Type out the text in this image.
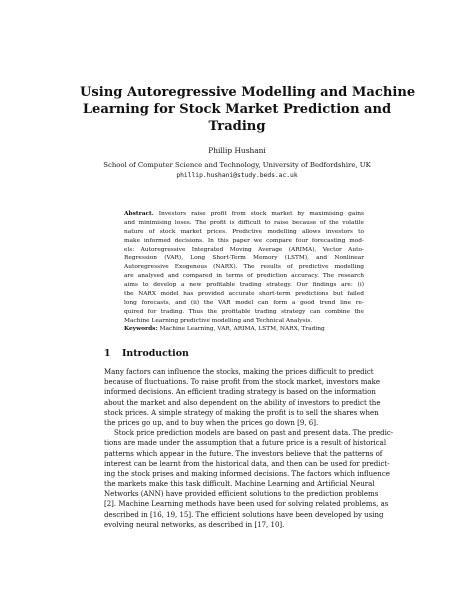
Using Autoregressive Modelling and Machine
Learning for Stock Market Prediction and
Trading
Phillip Hushani
School of Computer Science and Technology, University of Bedfordshire, UK
phillip.hushani@study.beds.ac.uk
Abstract. Investors raise profit from stock market by maximising gains
and minimising loses. The profit is difficult to raise because of the volatile
nature of stock market prices. Predictive modelling allows investors to
make informed decisions. In this paper we compare four forecasting mod-
els: Autoregressive Integrated Moving Average (ARIMA), Vector Auto-
Regression (VAR), Long Short-Term Memory (LSTM), and Nonlinear
Autoregressive Exogenous (NARX). The results of predictive modelling
are analysed and compared in terms of prediction accuracy. The research
aims to develop a new profitable trading strategy. Our findings are: (i)
the NARX model has provided accurate short-term predictions but failed
long forecasts, and (ii) the VAR model can form a good trend line re-
quired for trading. Thus the profitable trading strategy can combine the
Machine Learning predictive modelling and Technical Analysis.
Keywords: Machine Learning, VAR, ARIMA, LSTM, NARX, Trading
1 Introduction
Many factors can influence the stocks, making the prices difficult to predict
because of fluctuations. To raise profit from the stock market, investors make
informed decisions. An efficient trading strategy is based on the information
about the market and also dependent on the ability of investors to predict the
stock prices. A simple strategy of making the profit is to sell the shares when
the prices go up, and to buy when the prices go down [9, 6].
Stock price prediction models are based on past and present data. The predic-
tions are made under the assumption that a future price is a result of historical
patterns which appear in the future. The investors believe that the patterns of
interest can be learnt from the historical data, and then can be used for predict-
ing the stock prises and making informed decisions. The factors which influence
the markets make this task difficult. Machine Learning and Artificial Neural
Networks (ANN) have provided efficient solutions to the prediction problems
[2]. Machine Learning methods have been used for solving related problems, as
described in [16, 19, 15]. The efficient solutions have been developed by using
evolving neural networks, as described in [17, 10].
